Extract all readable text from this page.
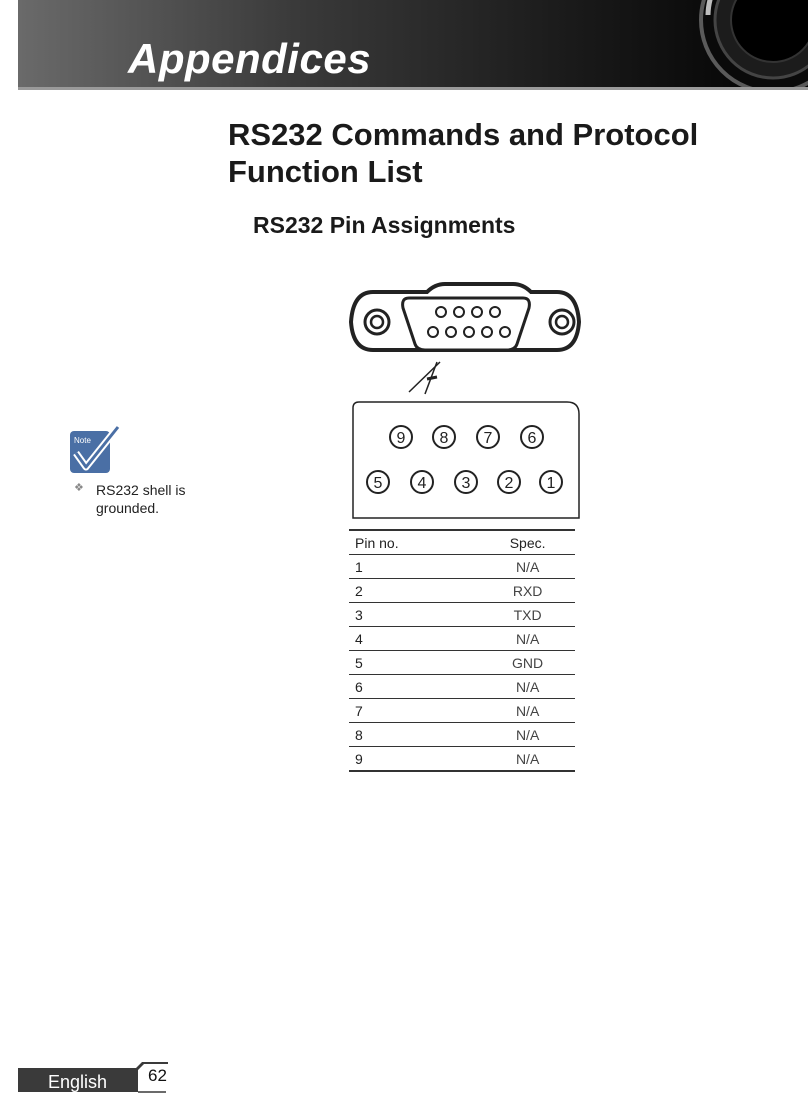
Appendices
RS232 Commands and Protocol
Function List
RS232 Pin Assignments
Note
❖ RS232 shell is grounded.
9 8 7 6
5 4 3 2 1
Pin no.	Spec.
1	N/A
2	RXD
3	TXD
4	N/A
5	GND
6	N/A
7	N/A
8	N/A
9	N/A
English 62
